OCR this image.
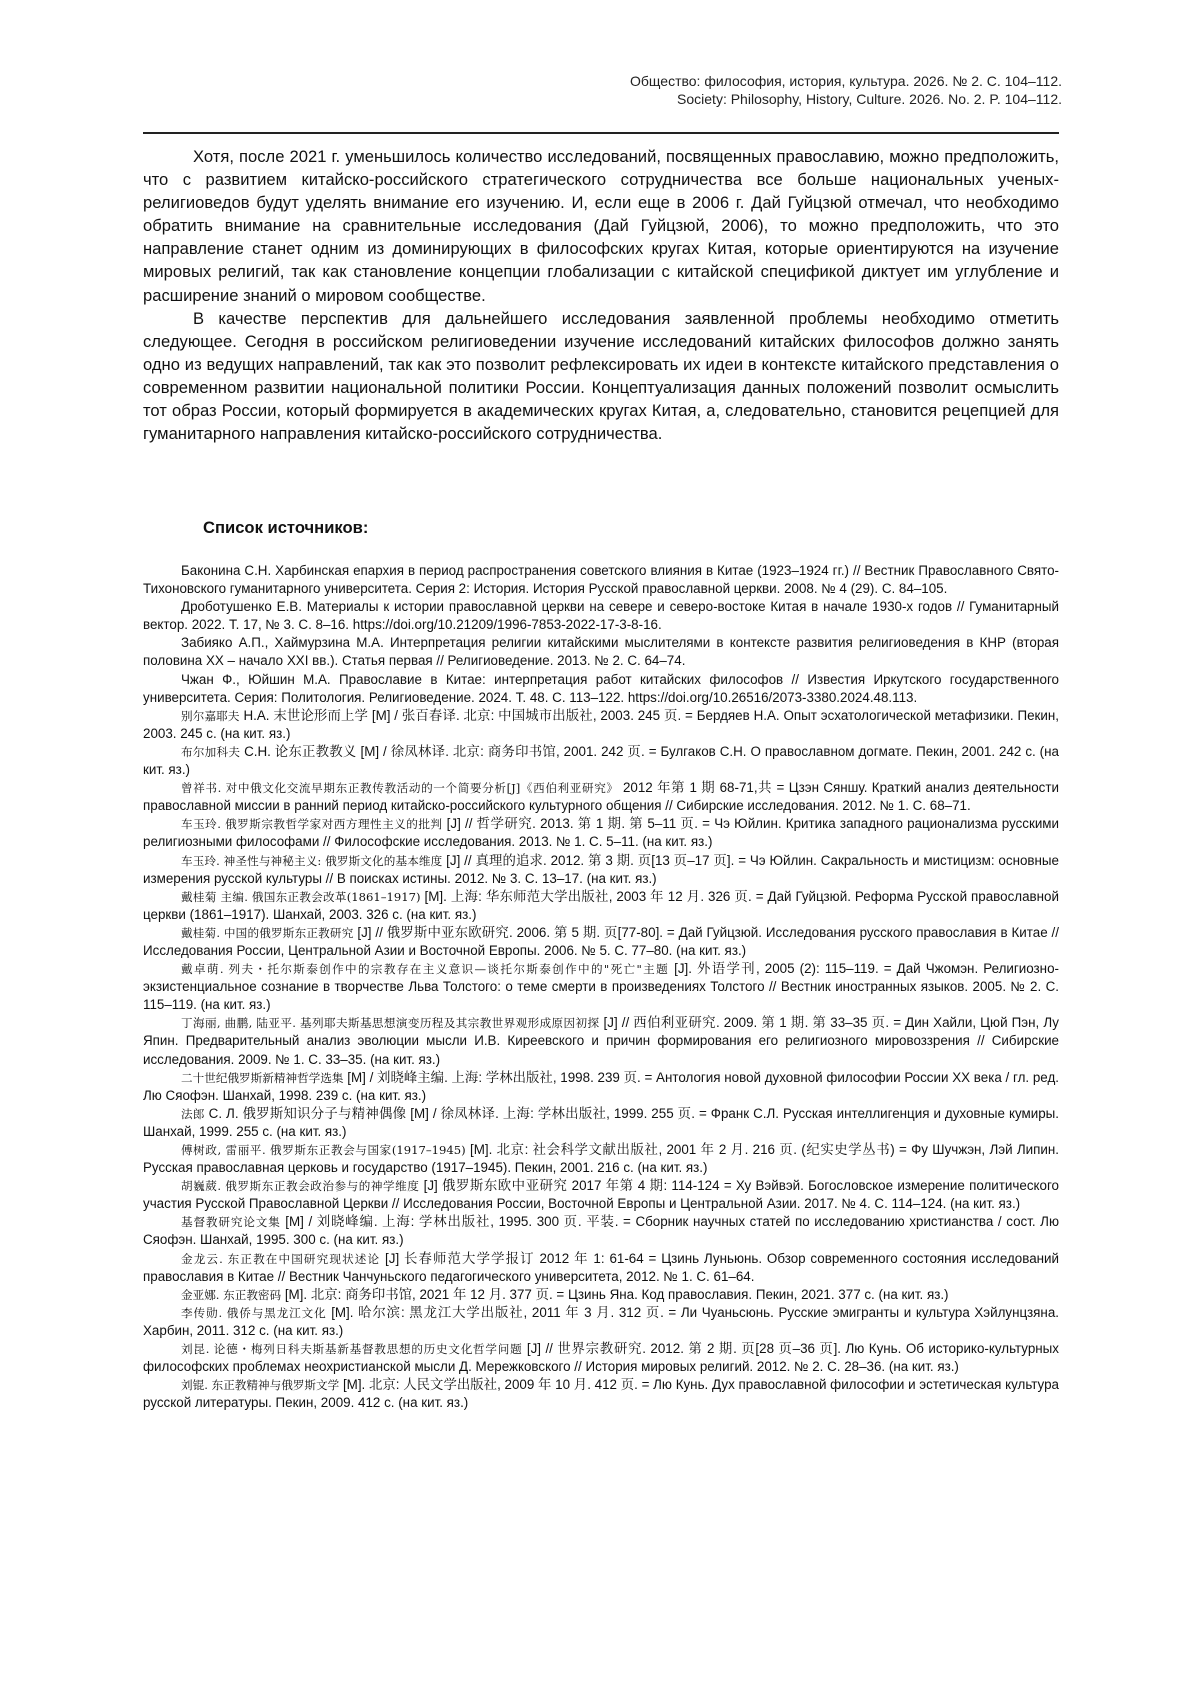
Общество: философия, история, культура. 2026. № 2. С. 104–112.
Society: Philosophy, History, Culture. 2026. No. 2. P. 104–112.

Хотя, после 2021 г. уменьшилось количество исследований, посвященных православию, можно предположить, что с развитием китайско-российского стратегического сотрудничества все больше национальных ученых-религиоведов будут уделять внимание его изучению. И, если еще в 2006 г. Дай Гуйцзюй отмечал, что необходимо обратить внимание на сравнительные исследования (Дай Гуйцзюй, 2006), то можно предположить, что это направление станет одним из доминирующих в философских кругах Китая, которые ориентируются на изучение мировых религий, так как становление концепции глобализации с китайской спецификой диктует им углубление и расширение знаний о мировом сообществе.

В качестве перспектив для дальнейшего исследования заявленной проблемы необходимо отметить следующее. Сегодня в российском религиоведении изучение исследований китайских философов должно занять одно из ведущих направлений, так как это позволит рефлексировать их идеи в контексте китайского представления о современном развитии национальной политики России. Концептуализация данных положений позволит осмыслить тот образ России, который формируется в академических кругах Китая, а, следовательно, становится рецепцией для гуманитарного направления китайско-российского сотрудничества.

Список источников:

Баконина С.Н. Харбинская епархия в период распространения советского влияния в Китае (1923–1924 гг.) // Вестник Православного Свято-Тихоновского гуманитарного университета. Серия 2: История. История Русской православной церкви. 2008. № 4 (29). С. 84–105.

Дроботушенко Е.В. Материалы к истории православной церкви на севере и северо-востоке Китая в начале 1930-х годов // Гуманитарный вектор. 2022. Т. 17, № 3. С. 8–16. https://doi.org/10.21209/1996-7853-2022-17-3-8-16.

Забияко А.П., Хаймурзина М.А. Интерпретация религии китайскими мыслителями в контексте развития религиоведения в КНР (вторая половина ХХ – начало XXI вв.). Статья первая // Религиоведение. 2013. № 2. С. 64–74.

Чжан Ф., Юйшин М.А. Православие в Китае: интерпретация работ китайских философов // Известия Иркутского государственного университета. Серия: Политология. Религиоведение. 2024. Т. 48. С. 113–122. https://doi.org/10.26516/2073-3380.2024.48.113.

别尔嘉耶夫 Н.А. 末世论形而上学 [M] / 张百春译. 北京: 中国城市出版社, 2003. 245 页. = Бердяев Н.А. Опыт эсхатологической метафизики. Пекин, 2003. 245 с. (на кит. яз.)

布尔加科夫 С.Н. 论东正教教义 [M] / 徐凤林译. 北京: 商务印书馆, 2001. 242 页. = Булгаков С.Н. О православном догмате. Пекин, 2001. 242 с. (на кит. яз.)

曾祥书. 对中俄文化交流早期东正教传教活动的一个简要分析[J]《西伯利亚研究》 2012 年第 1 期 68-71,共 = Цзэн Сяншу. Краткий анализ деятельности православной миссии в ранний период китайско-российского культурного общения // Сибирские исследования. 2012. № 1. С. 68–71.

车玉玲. 俄罗斯宗教哲学家对西方理性主义的批判 [J] // 哲学研究. 2013. 第 1 期. 第 5–11 页. = Чэ Юйлин. Критика западного рационализма русскими религиозными философами // Философские исследования. 2013. № 1. С. 5–11. (на кит. яз.)

车玉玲. 神圣性与神秘主义: 俄罗斯文化的基本维度 [J] // 真理的追求. 2012. 第 3 期. 页[13 页–17 页]. = Чэ Юйлин. Сакральность и мистицизм: основные измерения русской культуры // В поисках истины. 2012. № 3. С. 13–17. (на кит. яз.)

戴桂菊 主编. 俄国东正教会改革(1861–1917) [M]. 上海: 华东师范大学出版社, 2003 年 12 月. 326 页. = Дай Гуйцзюй. Реформа Русской православной церкви (1861–1917). Шанхай, 2003. 326 с. (на кит. яз.)

戴桂菊. 中国的俄罗斯东正教研究 [J] // 俄罗斯中亚东欧研究. 2006. 第 5 期. 页[77-80]. = Дай Гуйцзюй. Исследования русского православия в Китае // Исследования России, Центральной Азии и Восточной Европы. 2006. № 5. С. 77–80. (на кит. яз.)

戴卓萌. 列夫・托尔斯泰创作中的宗教存在主义意识—谈托尔斯泰创作中的"死亡"主题 [J]. 外语学刊, 2005 (2): 115–119. = Дай Чжомэн. Религиозно-экзистенциальное сознание в творчестве Льва Толстого: о теме смерти в произведениях Толстого // Вестник иностранных языков. 2005. № 2. С. 115–119. (на кит. яз.)

丁海丽, 曲鹏, 陆亚平. 基列耶夫斯基思想演变历程及其宗教世界观形成原因初探 [J] // 西伯利亚研究. 2009. 第 1 期. 第 33–35 页. = Дин Хайли, Цюй Пэн, Лу Япин. Предварительный анализ эволюции мысли И.В. Киреевского и причин формирования его религиозного мировоззрения // Сибирские исследования. 2009. № 1. С. 33–35. (на кит. яз.)

二十世纪俄罗斯新精神哲学选集 [M] / 刘晓峰主编. 上海: 学林出版社, 1998. 239 页. = Антология новой духовной философии России XX века / гл. ред. Лю Сяофэн. Шанхай, 1998. 239 с. (на кит. яз.)

法郎 С. Л. 俄罗斯知识分子与精神偶像 [M] / 徐凤林译. 上海: 学林出版社, 1999. 255 页. = Франк С.Л. Русская интеллигенция и духовные кумиры. Шанхай, 1999. 255 с. (на кит. яз.)

傅树政, 雷丽平. 俄罗斯东正教会与国家(1917–1945) [M]. 北京: 社会科学文献出版社, 2001 年 2 月. 216 页. (纪实史学丛书) = Фу Шучжэн, Лэй Липин. Русская православная церковь и государство (1917–1945). Пекин, 2001. 216 с. (на кит. яз.)

胡巍葳. 俄罗斯东正教会政治参与的神学维度 [J] 俄罗斯东欧中亚研究 2017 年第 4 期: 114-124 = Ху Вэйвэй. Богословское измерение политического участия Русской Православной Церкви // Исследования России, Восточной Европы и Центральной Азии. 2017. № 4. С. 114–124. (на кит. яз.)

基督教研究论文集 [M] / 刘晓峰编. 上海: 学林出版社, 1995. 300 页. 平装. = Сборник научных статей по исследованию христианства / сост. Лю Сяофэн. Шанхай, 1995. 300 с. (на кит. яз.)

金龙云. 东正教在中国研究现状述论 [J] 长春师范大学学报订 2012 年 1: 61-64 = Цзинь Луньюнь. Обзор современного состояния исследований православия в Китае // Вестник Чанчуньского педагогического университета, 2012. № 1. С. 61–64.

金亚娜. 东正教密码 [M]. 北京: 商务印书馆, 2021 年 12 月. 377 页. = Цзинь Яна. Код православия. Пекин, 2021. 377 с. (на кит. яз.)

李传勋. 俄侨与黑龙江文化 [M]. 哈尔滨: 黑龙江大学出版社, 2011 年 3 月. 312 页. = Ли Чуаньсюнь. Русские эмигранты и культура Хэйлунцзяна. Харбин, 2011. 312 с. (на кит. яз.)

刘昆. 论德・梅列日科夫斯基新基督教思想的历史文化哲学问题 [J] // 世界宗教研究. 2012. 第 2 期. 页[28 页–36 页]. Лю Кунь. Об историко-культурных философских проблемах неохристианской мысли Д. Мережковского // История мировых религий. 2012. № 2. С. 28–36. (на кит. яз.)

刘锟. 东正教精神与俄罗斯文学 [M]. 北京: 人民文学出版社, 2009 年 10 月. 412 页. = Лю Кунь. Дух православной философии и эстетическая культура русской литературы. Пекин, 2009. 412 с. (на кит. яз.)
